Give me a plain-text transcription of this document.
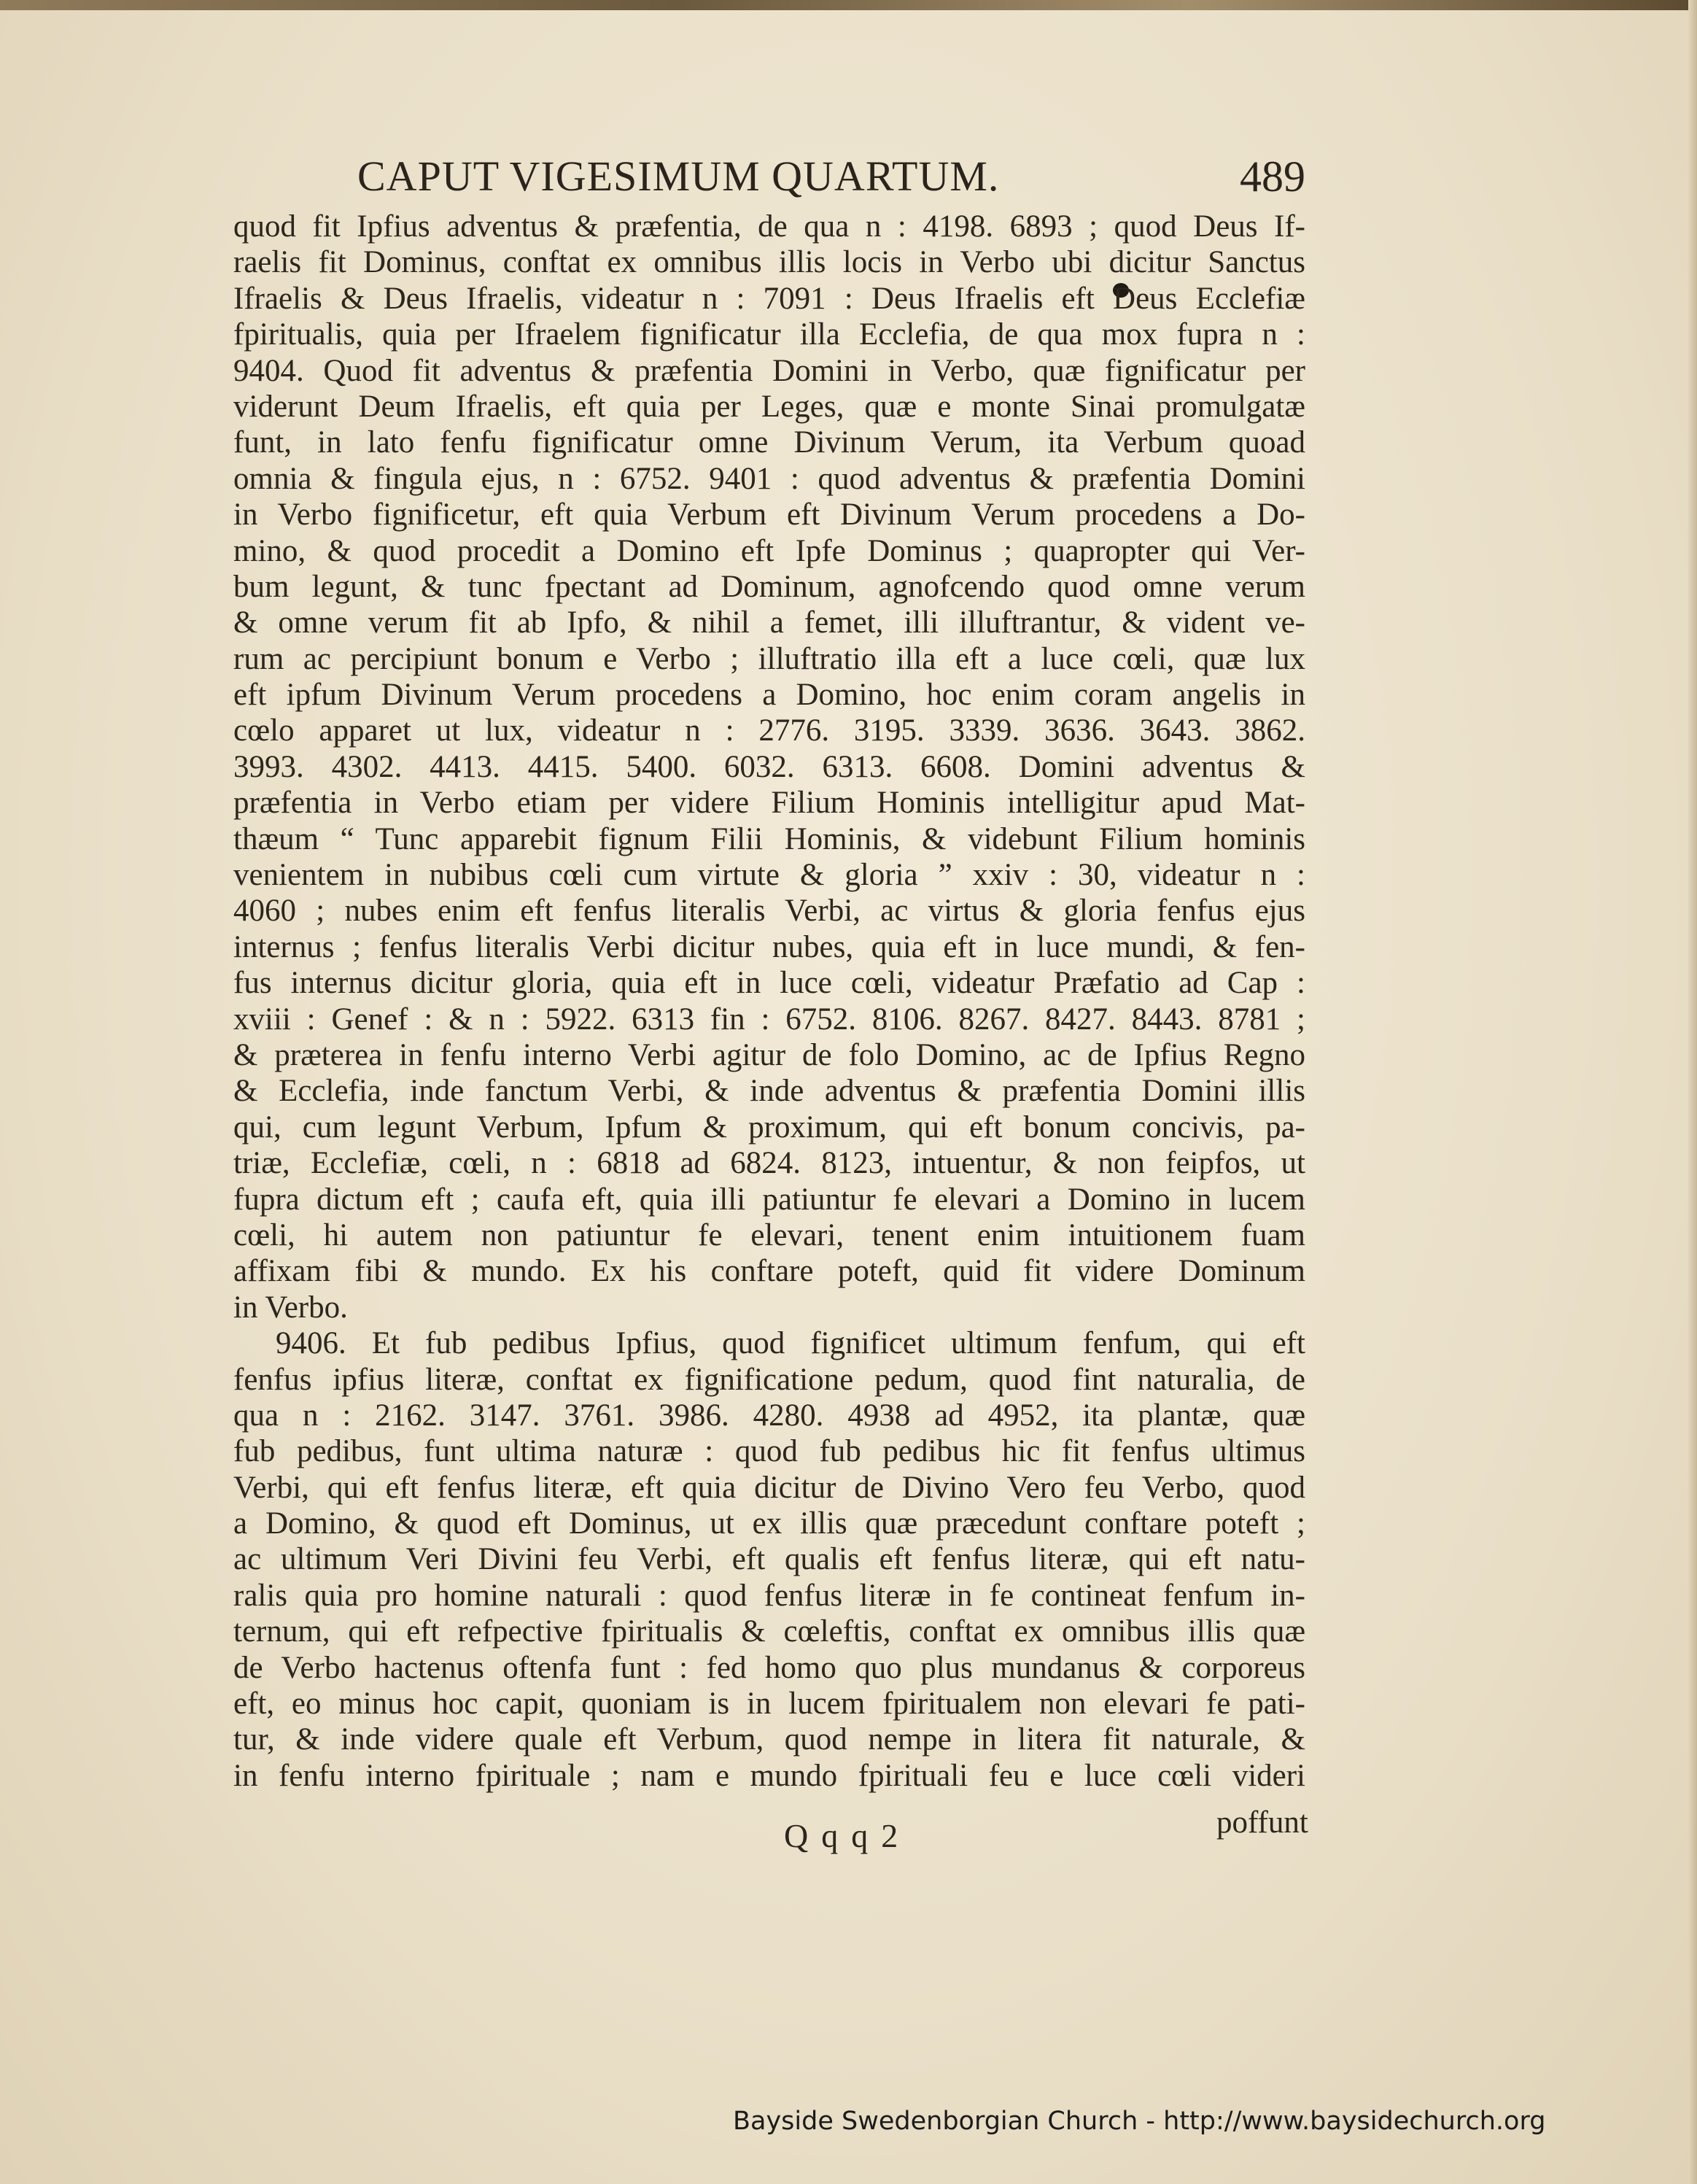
CAPUT VIGESIMUM QUARTUM.	489
quod fit Ipfius adventus & præfentia, de qua n : 4198. 6893 ; quod Deus If-
raelis fit Dominus, conftat ex omnibus illis locis in Verbo ubi dicitur Sanctus
Ifraelis & Deus Ifraelis, videatur n : 7091 : Deus Ifraelis eft Deus Ecclefiæ
fpiritualis, quia per Ifraelem fignificatur illa Ecclefia, de qua mox fupra n :
9404. Quod fit adventus & præfentia Domini in Verbo, quæ fignificatur per
viderunt Deum Ifraelis, eft quia per Leges, quæ e monte Sinai promulgatæ
funt, in lato fenfu fignificatur omne Divinum Verum, ita Verbum quoad
omnia & fingula ejus, n : 6752. 9401 : quod adventus & præfentia Domini
in Verbo fignificetur, eft quia Verbum eft Divinum Verum procedens a Do-
mino, & quod procedit a Domino eft Ipfe Dominus ; quapropter qui Ver-
bum legunt, & tunc fpectant ad Dominum, agnofcendo quod omne verum
& omne verum fit ab Ipfo, & nihil a femet, illi illuftrantur, & vident ve-
rum ac percipiunt bonum e Verbo ; illuftratio illa eft a luce cœli, quæ lux
eft ipfum Divinum Verum procedens a Domino, hoc enim coram angelis in
cœlo apparet ut lux, videatur n : 2776. 3195. 3339. 3636. 3643. 3862.
3993. 4302. 4413. 4415. 5400. 6032. 6313. 6608. Domini adventus &
præfentia in Verbo etiam per videre Filium Hominis intelligitur apud Mat-
thæum “ Tunc apparebit fignum Filii Hominis, & videbunt Filium hominis
venientem in nubibus cœli cum virtute & gloria ” xxiv : 30, videatur n :
4060 ; nubes enim eft fenfus literalis Verbi, ac virtus & gloria fenfus ejus
internus ; fenfus literalis Verbi dicitur nubes, quia eft in luce mundi, & fen-
fus internus dicitur gloria, quia eft in luce cœli, videatur Præfatio ad Cap :
xviii : Genef : & n : 5922. 6313 fin : 6752. 8106. 8267. 8427. 8443. 8781 ;
& præterea in fenfu interno Verbi agitur de folo Domino, ac de Ipfius Regno
& Ecclefia, inde fanctum Verbi, & inde adventus & præfentia Domini illis
qui, cum legunt Verbum, Ipfum & proximum, qui eft bonum concivis, pa-
triæ, Ecclefiæ, cœli, n : 6818 ad 6824. 8123, intuentur, & non feipfos, ut
fupra dictum eft ; caufa eft, quia illi patiuntur fe elevari a Domino in lucem
cœli, hi autem non patiuntur fe elevari, tenent enim intuitionem fuam
affixam fibi & mundo. Ex his conftare poteft, quid fit videre Dominum
in Verbo.
9406. Et fub pedibus Ipfius, quod fignificet ultimum fenfum, qui eft
fenfus ipfius literæ, conftat ex fignificatione pedum, quod fint naturalia, de
qua n : 2162. 3147. 3761. 3986. 4280. 4938 ad 4952, ita plantæ, quæ
fub pedibus, funt ultima naturæ : quod fub pedibus hic fit fenfus ultimus
Verbi, qui eft fenfus literæ, eft quia dicitur de Divino Vero feu Verbo, quod
a Domino, & quod eft Dominus, ut ex illis quæ præcedunt conftare poteft ;
ac ultimum Veri Divini feu Verbi, eft qualis eft fenfus literæ, qui eft natu-
ralis quia pro homine naturali : quod fenfus literæ in fe contineat fenfum in-
ternum, qui eft refpective fpiritualis & cœleftis, conftat ex omnibus illis quæ
de Verbo hactenus oftenfa funt : fed homo quo plus mundanus & corporeus
eft, eo minus hoc capit, quoniam is in lucem fpiritualem non elevari fe pati-
tur, & inde videre quale eft Verbum, quod nempe in litera fit naturale, &
in fenfu interno fpirituale ; nam e mundo fpirituali feu e luce cœli videri
Qqq2	poffunt
Bayside Swedenborgian Church - http://www.baysidechurch.org
